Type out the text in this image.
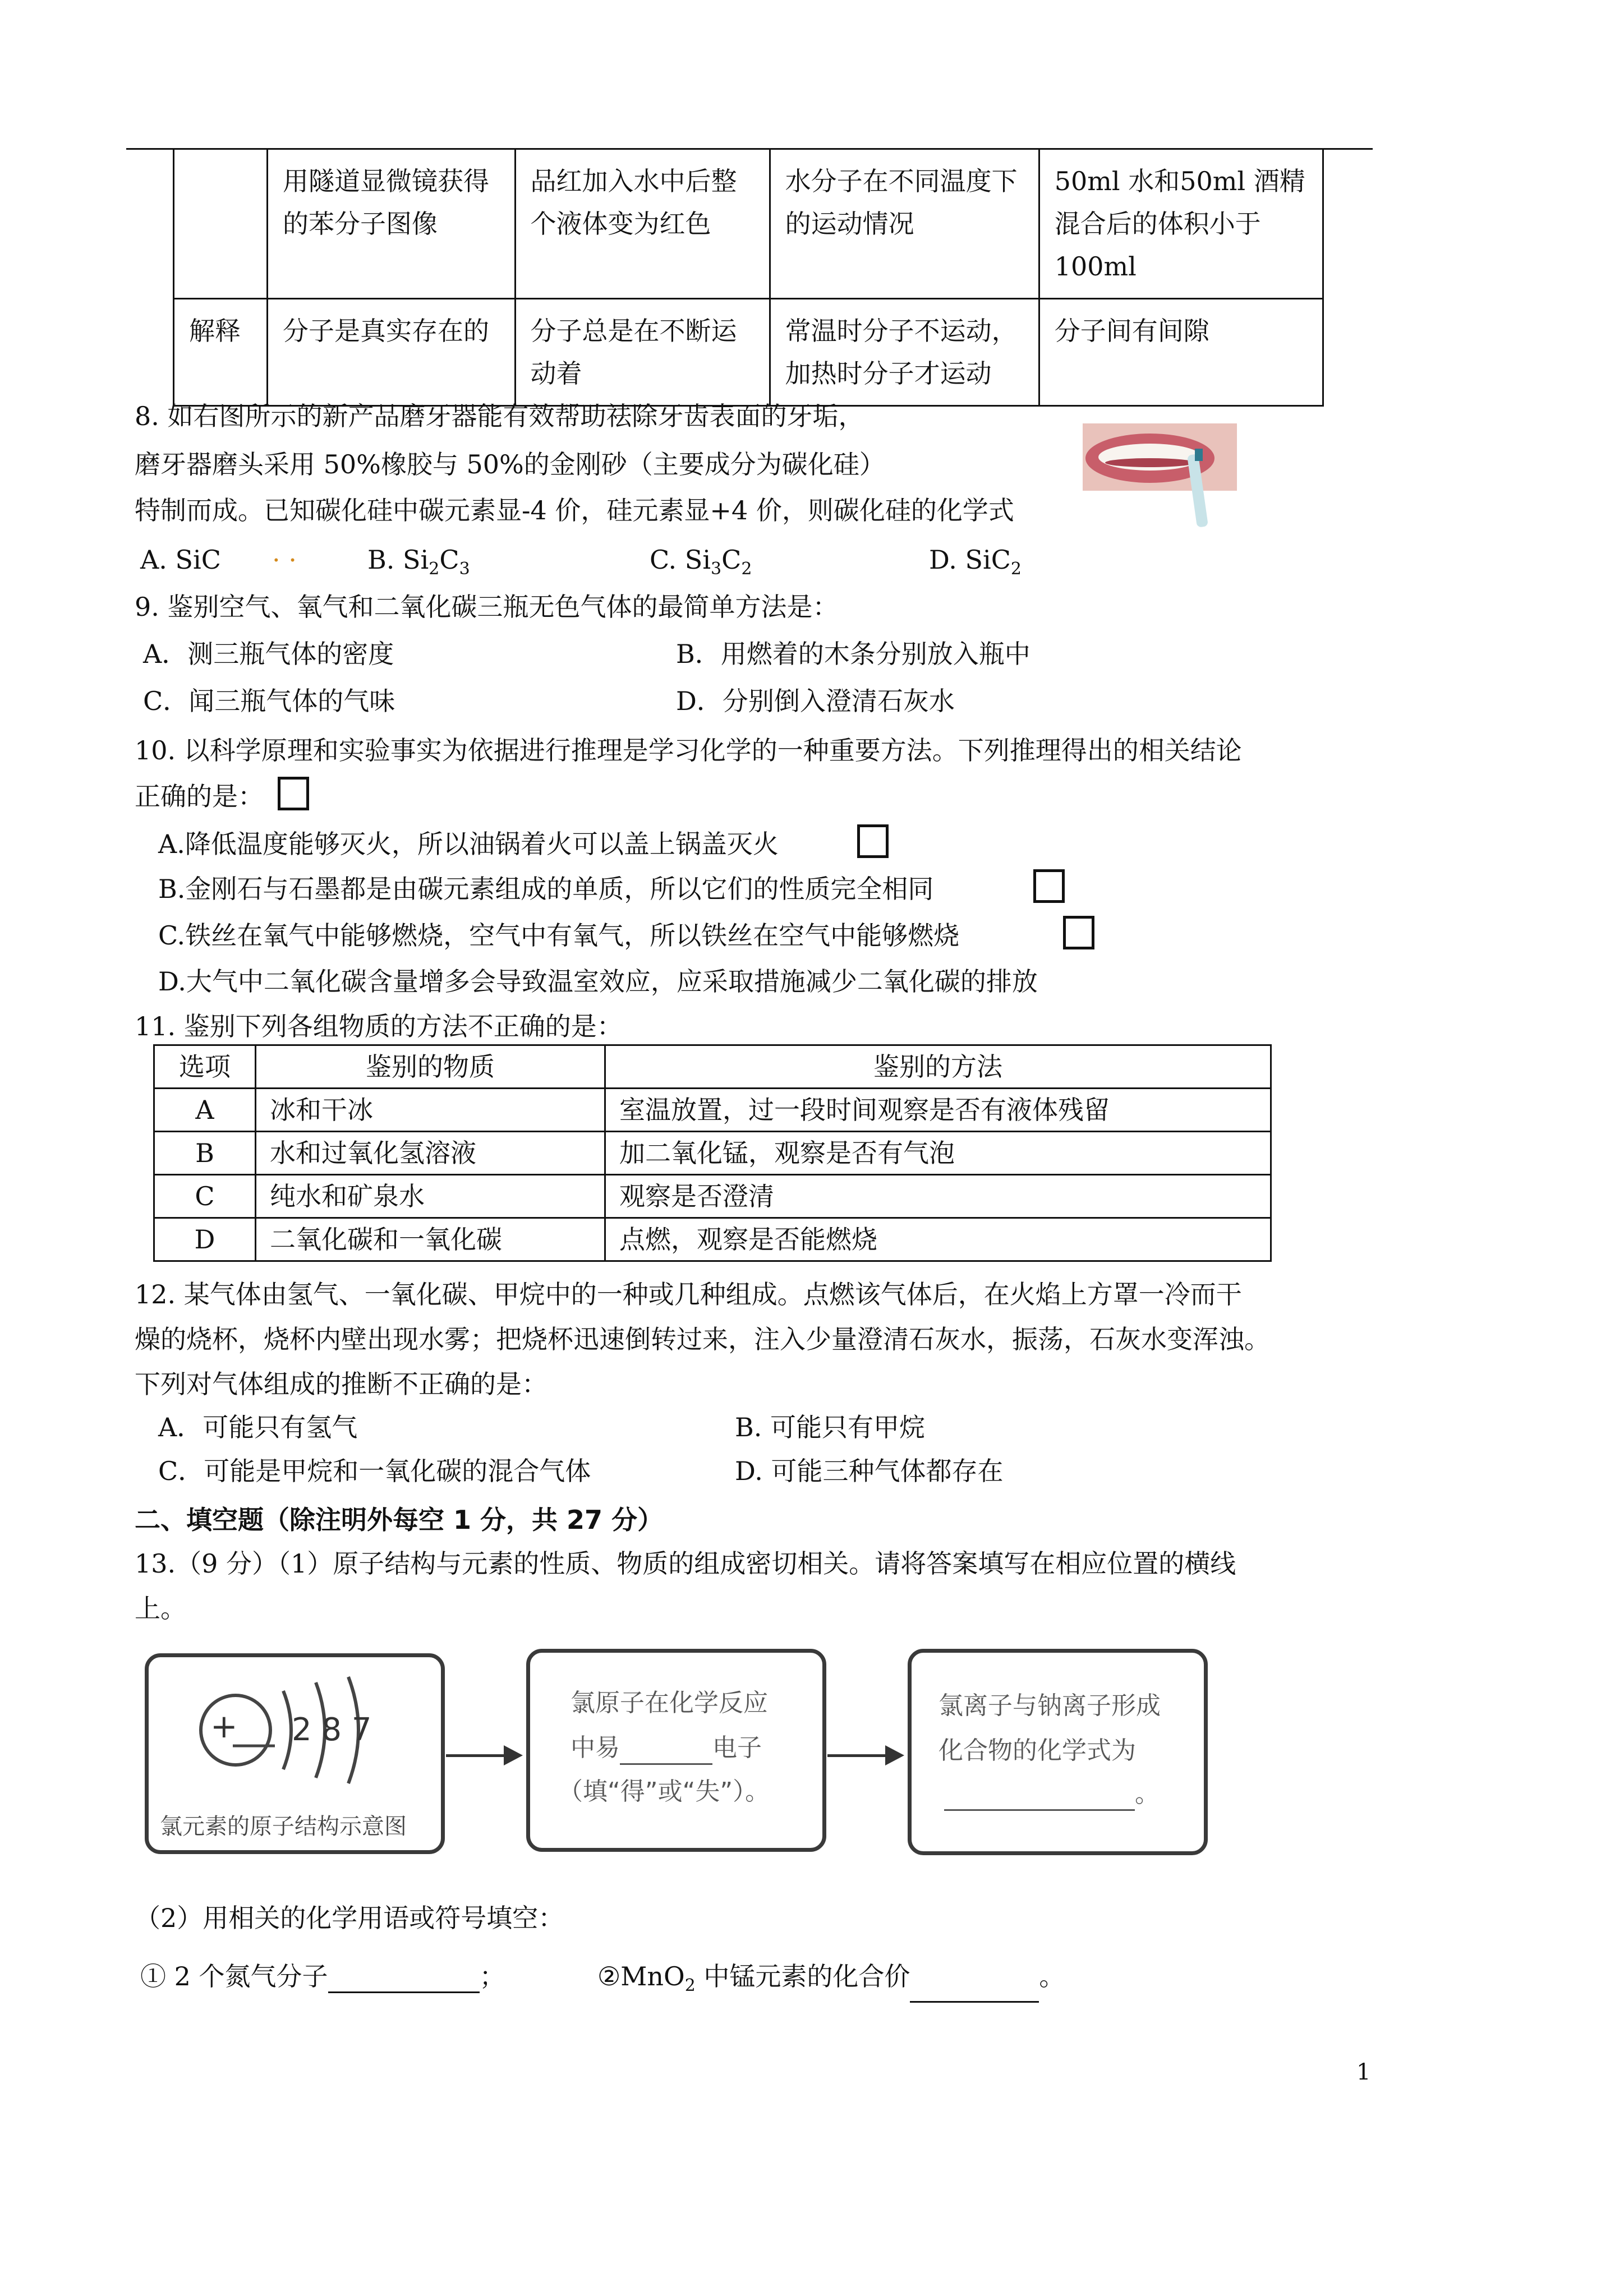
	用隧道显微镜获得的苯分子图像	品红加入水中后整个液体变为红色	水分子在不同温度下的运动情况	50ml 水和50ml 酒精混合后的体积小于100ml
解释	分子是真实存在的	分子总是在不断运动着	常温时分子不运动，加热时分子才运动	分子间有间隙
8. 如右图所示的新产品磨牙器能有效帮助祛除牙齿表面的牙垢，
磨牙器磨头采用 50%橡胶与 50%的金刚砂（主要成分为碳化硅）
特制而成。已知碳化硅中碳元素显-4 价，硅元素显+4 价，则碳化硅的化学式
A. SiC . .	B. $Si_2C_3$	C. $Si_3C_2$	D. SiC$_2$
9. 鉴别空气、氧气和二氧化碳三瓶无色气体的最简单方法是：
A．测三瓶气体的密度	B．用燃着的木条分别放入瓶中
C．闻三瓶气体的气味	D．分别倒入澄清石灰水
10. 以科学原理和实验事实为依据进行推理是学习化学的一种重要方法。下列推理得出的相关结论
正确的是：
A.降低温度能够灭火，所以油锅着火可以盖上锅盖灭火
B.金刚石与石墨都是由碳元素组成的单质，所以它们的性质完全相同
C.铁丝在氧气中能够燃烧，空气中有氧气，所以铁丝在空气中能够燃烧
D.大气中二氧化碳含量增多会导致温室效应，应采取措施减少二氧化碳的排放
11. 鉴别下列各组物质的方法不正确的是：
选项	鉴别的物质	鉴别的方法
A	冰和干冰	室温放置，过一段时间观察是否有液体残留
B	水和过氧化氢溶液	加二氧化锰，观察是否有气泡
C	纯水和矿泉水	观察是否澄清
D	二氧化碳和一氧化碳	点燃，观察是否能燃烧
12. 某气体由氢气、一氧化碳、甲烷中的一种或几种组成。点燃该气体后，在火焰上方罩一冷而干
燥的烧杯，烧杯内壁出现水雾；把烧杯迅速倒转过来，注入少量澄清石灰水，振荡，石灰水变浑浊。
下列对气体组成的推断不正确的是：
A．可能只有氢气	B. 可能只有甲烷
C．可能是甲烷和一氧化碳的混合气体	D. 可能三种气体都存在
二、填空题（除注明外每空 1 分，共 27 分）
13.（9 分）（1）原子结构与元素的性质、物质的组成密切相关。请将答案填写在相应位置的横线
上。
+ 2 8 7
氯元素的原子结构示意图
氯原子在化学反应
中易	电子
（填“得”或“失”）。
氯离子与钠离子形成
化合物的化学式为
。
（2）用相关的化学用语或符号填空：
① 2 个氮气分子	；	②MnO$_2$ 中锰元素的化合价	。
1
